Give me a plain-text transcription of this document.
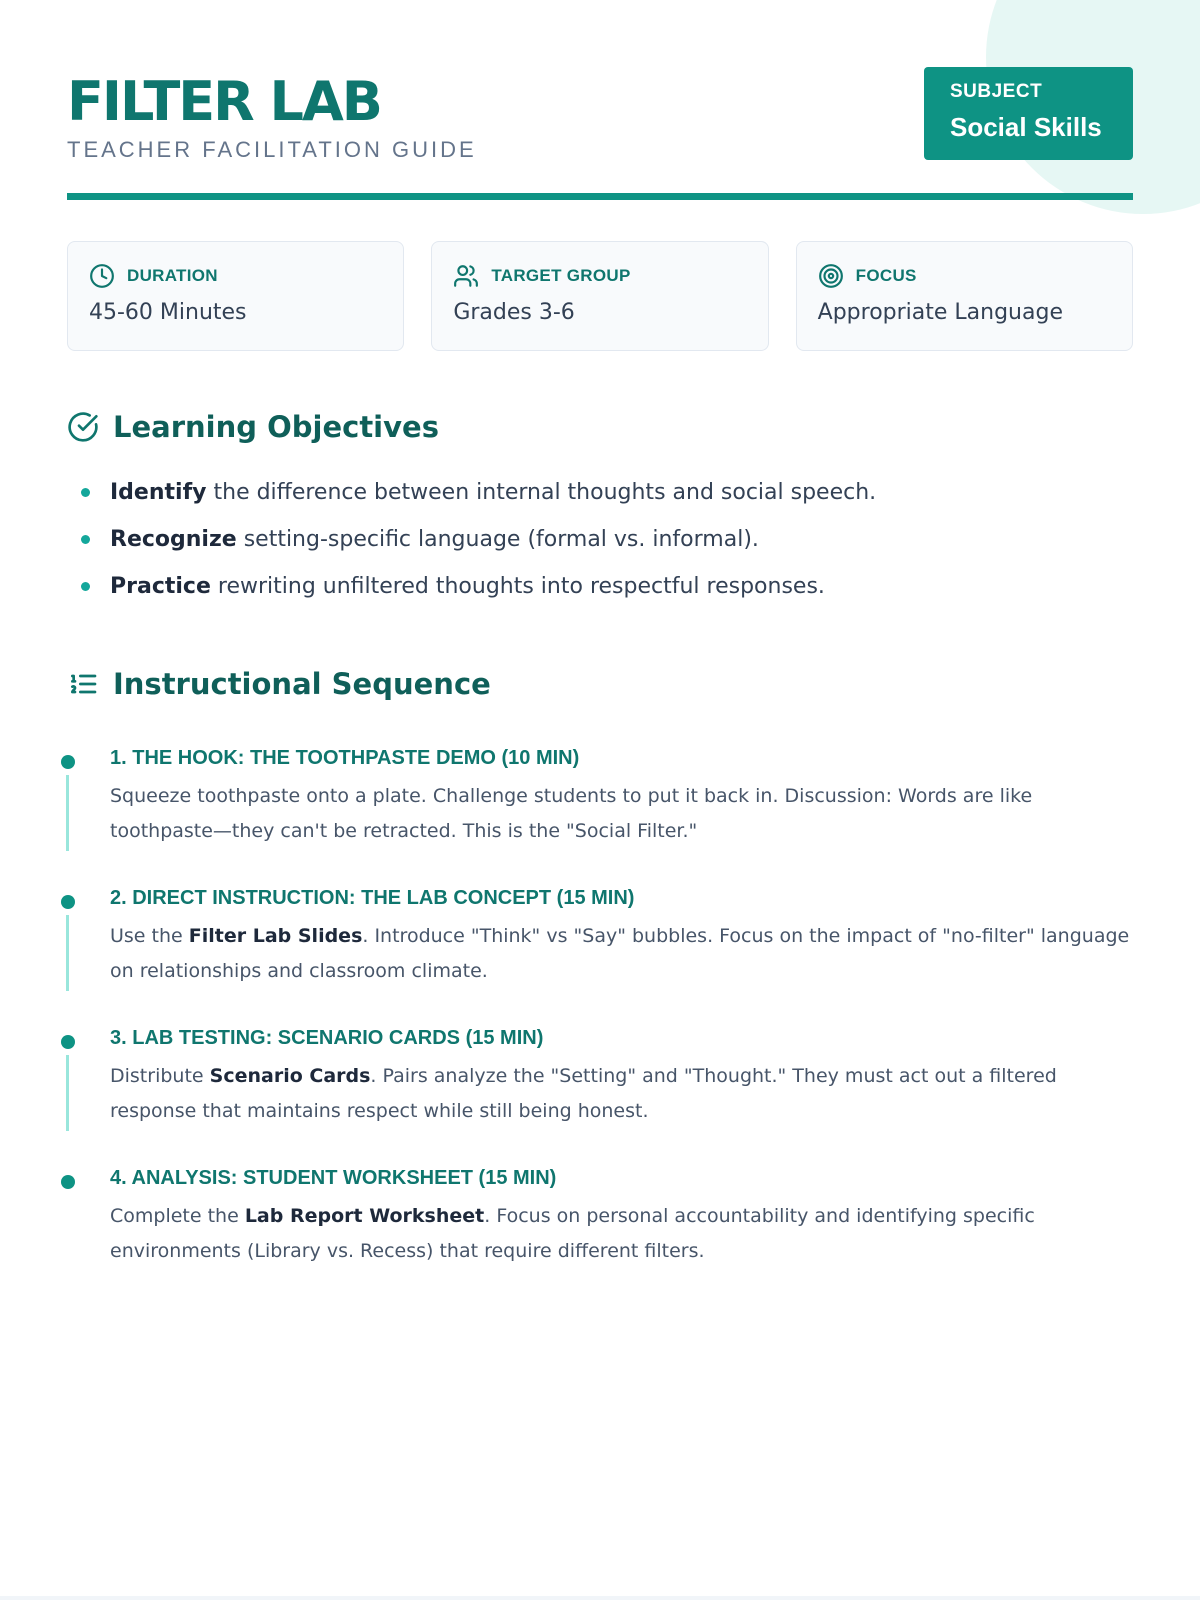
FILTER LAB
TEACHER FACILITATION GUIDE
SUBJECT
Social Skills
DURATION
45-60 Minutes
TARGET GROUP
Grades 3-6
FOCUS
Appropriate Language
Learning Objectives
Identify the difference between internal thoughts and social speech.
Recognize setting-specific language (formal vs. informal).
Practice rewriting unfiltered thoughts into respectful responses.
Instructional Sequence
1. THE HOOK: THE TOOTHPASTE DEMO (10 MIN)

Squeeze toothpaste onto a plate. Challenge students to put it back in. Discussion: Words are like toothpaste—they can't be retracted. This is the "Social Filter."

2. DIRECT INSTRUCTION: THE LAB CONCEPT (15 MIN)

Use the Filter Lab Slides. Introduce "Think" vs "Say" bubbles. Focus on the impact of "no-filter" language on relationships and classroom climate.

3. LAB TESTING: SCENARIO CARDS (15 MIN)

Distribute Scenario Cards. Pairs analyze the "Setting" and "Thought." They must act out a filtered response that maintains respect while still being honest.

4. ANALYSIS: STUDENT WORKSHEET (15 MIN)

Complete the Lab Report Worksheet. Focus on personal accountability and identifying specific environments (Library vs. Recess) that require different filters.
